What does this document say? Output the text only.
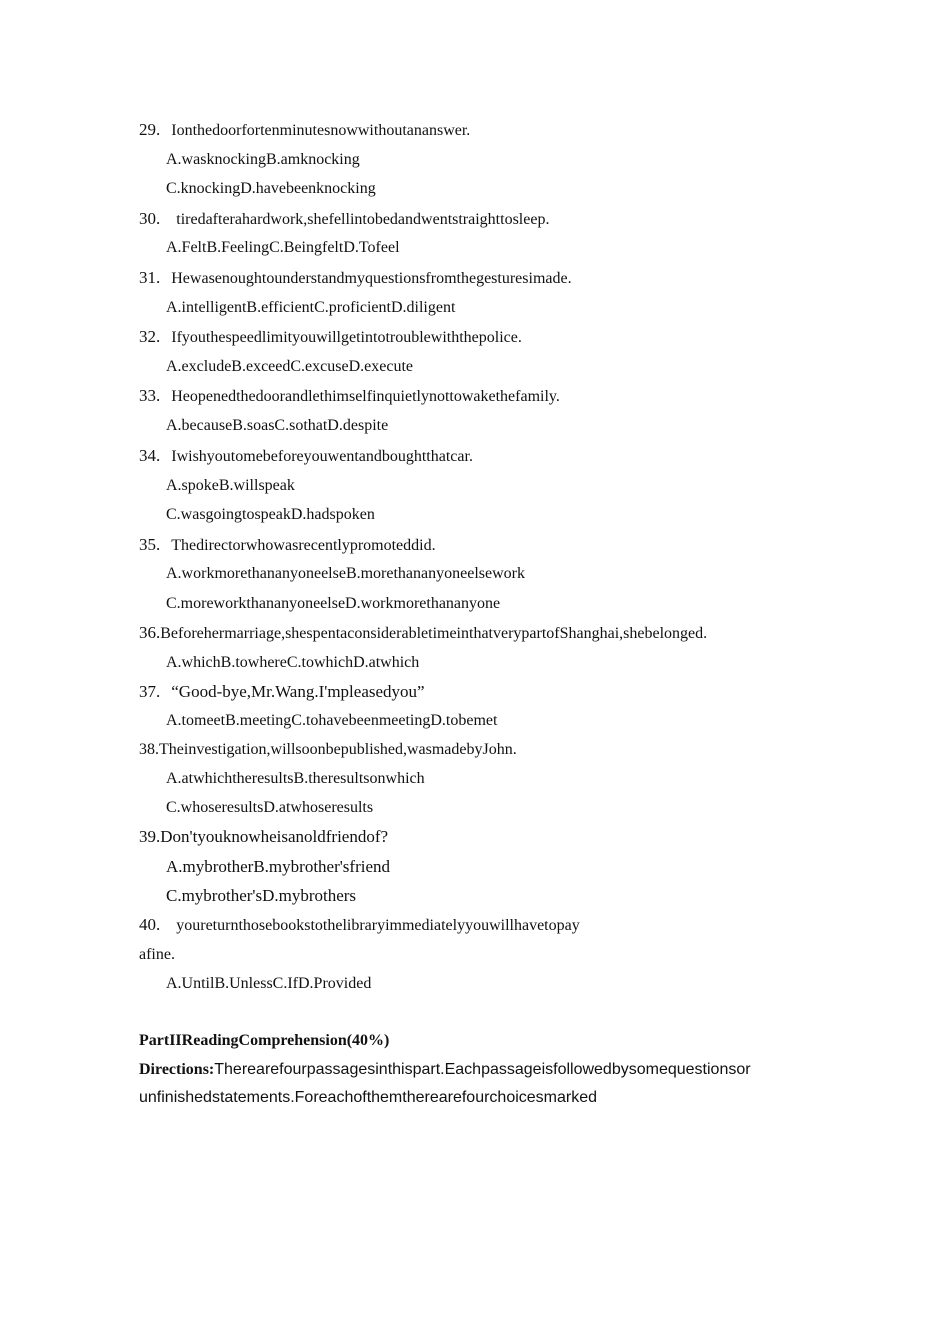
29. Ionthedoorfortenminutesnowwithoutananswer.
A.wasknockingB.amknocking
C.knockingD.havebeenknocking
30. tiredafterahardwork,shefellintobedandwentstraighttosleep.
A.FeltB.FeelingC.BeingfeltD.Tofeel
31. Hewasenoughtounderstandmyquestionsfromthegesturesimade.
A.intelligentB.efficientC.proficientD.diligent
32. Ifyouthespeedlimityouwillgetintotroublewiththepolice.
A.excludeB.exceedC.excuseD.execute
33. Heopenedthedoorandlethimselfinquietlynottowakethefamily.
A.becauseB.soasC.sothatD.despite
34. Iwishyoutomebeforeyouwentandboughtthatcar.
A.spokeB.willspeak
C.wasgoingtospeakD.hadspoken
35. Thedirectorwhowasrecentlypromoteddid.
A.workmorethananyoneelseB.morethananyoneelsework
C.moreworkthananyoneelseD.workmorethananyone
36.Beforehermarriage,shespentaconsiderabletimeinthatverypartofShanghai,shebelonged.
A.whichB.towhereC.towhichD.atwhich
37. “Good-bye,Mr.Wang.I'mpleasedyou”
A.tomeetB.meetingC.tohavebeenmeetingD.tobemet
38.Theinvestigation,willsoonbepublished,wasmadebyJohn.
A.atwhichtheresultsB.theresultsonwhich
C.whoseresultsD.atwhoseresults
39.Don'tyouknowheisanoldfriendof?
A.mybrotherB.mybrother'sfriend
C.mybrother'sD.mybrothers
40. youreturnthosebookstothelibraryimmediatelyyouwillhavetopay
afine.
A.UntilB.UnlessC.IfD.Provided
PartIIReadingComprehension(40%)
Directions:Therearefourpassagesinthispart.Eachpassageisfollowedbysomequestionsor
unfinishedstatements.Foreachofthemtherearefourchoicesmarked
